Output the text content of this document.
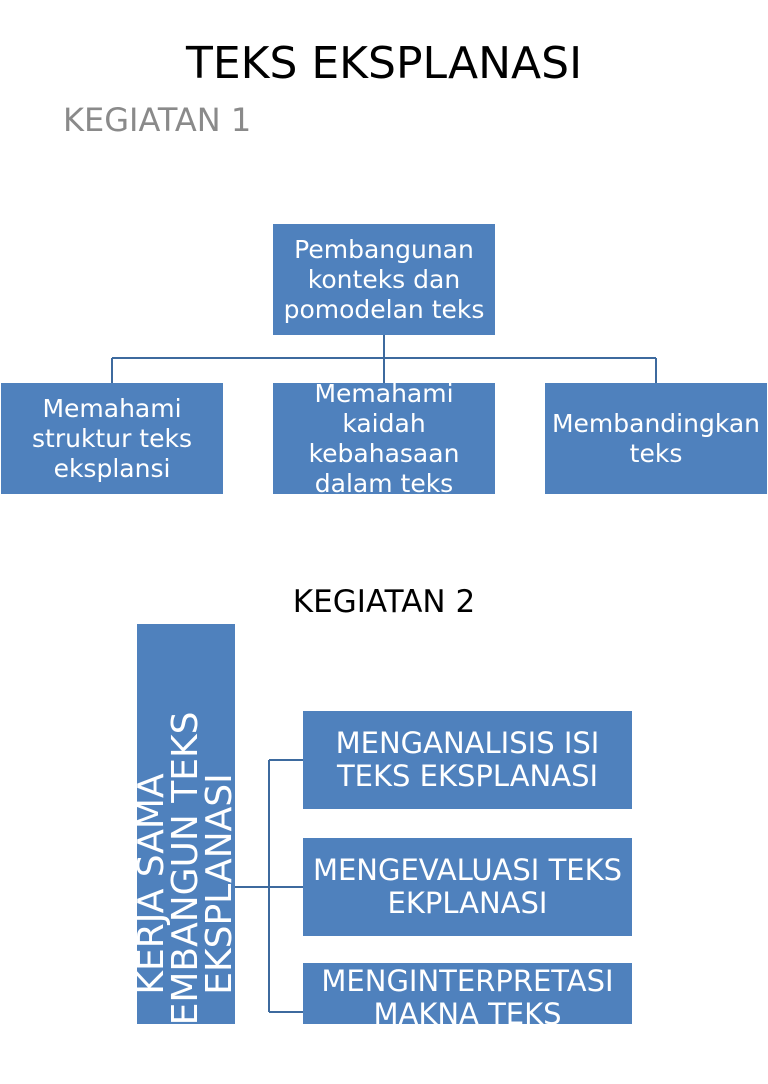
TEKS EKSPLANASI
KEGIATAN 1
Pembangunan konteks dan pomodelan teks
Memahami struktur teks eksplansi
Memahami kaidah kebahasaan dalam teks
Membandingkan teks
KEGIATAN 2
KERJA SAMA
MEMBANGUN TEKS
EKSPLANASI
MENGANALISIS ISI TEKS EKSPLANASI
MENGEVALUASI TEKS EKPLANASI
MENGINTERPRETASI MAKNA TEKS
